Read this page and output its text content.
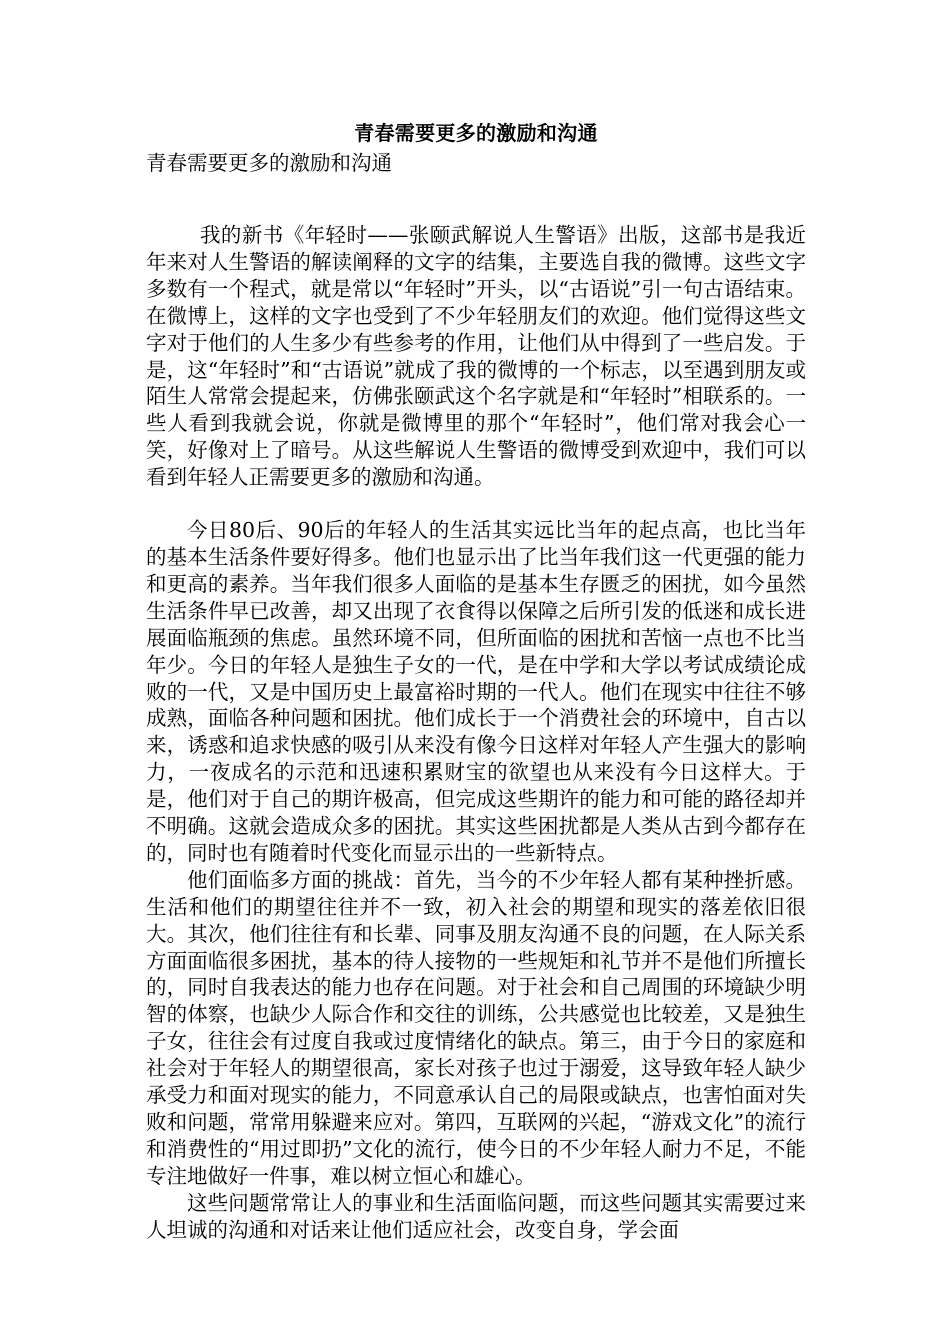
青春需要更多的激励和沟通

青春需要更多的激励和沟通

我的新书《年轻时——张颐武解说人生警语》出版，这部书是我近年来对人生警语的解读阐释的文字的结集，主要选自我的微博。这些文字多数有一个程式，就是常以“年轻时”开头，以“古语说”引一句古语结束。在微博上，这样的文字也受到了不少年轻朋友们的欢迎。他们觉得这些文字对于他们的人生多少有些参考的作用，让他们从中得到了一些启发。于是，这“年轻时”和“古语说”就成了我的微博的一个标志，以至遇到朋友或陌生人常常会提起来，仿佛张颐武这个名字就是和“年轻时”相联系的。一些人看到我就会说，你就是微博里的那个“年轻时”，他们常对我会心一笑，好像对上了暗号。从这些解说人生警语的微博受到欢迎中，我们可以看到年轻人正需要更多的激励和沟通。

今日80后、90后的年轻人的生活其实远比当年的起点高，也比当年的基本生活条件要好得多。他们也显示出了比当年我们这一代更强的能力和更高的素养。当年我们很多人面临的是基本生存匮乏的困扰，如今虽然生活条件早已改善，却又出现了衣食得以保障之后所引发的低迷和成长进展面临瓶颈的焦虑。虽然环境不同，但所面临的困扰和苦恼一点也不比当年少。今日的年轻人是独生子女的一代，是在中学和大学以考试成绩论成败的一代，又是中国历史上最富裕时期的一代人。他们在现实中往往不够成熟，面临各种问题和困扰。他们成长于一个消费社会的环境中，自古以来，诱惑和追求快感的吸引从来没有像今日这样对年轻人产生强大的影响力，一夜成名的示范和迅速积累财宝的欲望也从来没有今日这样大。于是，他们对于自己的期许极高，但完成这些期许的能力和可能的路径却并不明确。这就会造成众多的困扰。其实这些困扰都是人类从古到今都存在的，同时也有随着时代变化而显示出的一些新特点。

他们面临多方面的挑战：首先，当今的不少年轻人都有某种挫折感。生活和他们的期望往往并不一致，初入社会的期望和现实的落差依旧很大。其次，他们往往有和长辈、同事及朋友沟通不良的问题，在人际关系方面面临很多困扰，基本的待人接物的一些规矩和礼节并不是他们所擅长的，同时自我表达的能力也存在问题。对于社会和自己周围的环境缺少明智的体察，也缺少人际合作和交往的训练，公共感觉也比较差，又是独生子女，往往会有过度自我或过度情绪化的缺点。第三，由于今日的家庭和社会对于年轻人的期望很高，家长对孩子也过于溺爱，这导致年轻人缺少承受力和面对现实的能力，不同意承认自己的局限或缺点，也害怕面对失败和问题，常常用躲避来应对。第四，互联网的兴起，“游戏文化”的流行和消费性的“用过即扔”文化的流行，使今日的不少年轻人耐力不足，不能专注地做好一件事，难以树立恒心和雄心。

这些问题常常让人的事业和生活面临问题，而这些问题其实需要过来人坦诚的沟通和对话来让他们适应社会，改变自身，学会面
